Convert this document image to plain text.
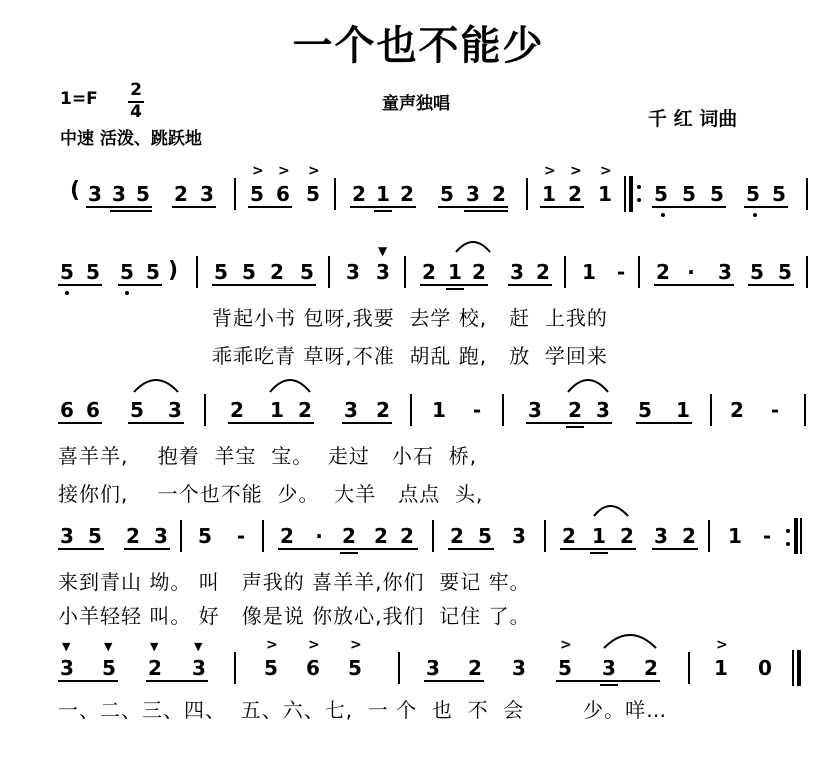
一个也不能少
1=F 2
4	童声独唱
中速 活泼、跳跃地
千 红 词曲
( 3 3 5 2 3 5 6 5 2 1 2 5 3 2 1 2 1 5 5 5 5 5
> > >	> > >
5 5 5 5 ) 5 5 2 5 3 3 2 1 2 3 2 1 - 2 · 3 5 5
▼
背起小书 包呀,我要  去学 校,   赶  上我的
乖乖吃青 草呀,不准  胡乱 跑,   放  学回来
6 6 5 3 2 1 2 3 2 1 - 3 2 3 5 1 2 -
喜羊羊,    抱着  羊宝  宝。  走过   小石  桥,
接你们,    一个也不能  少。  大羊   点点  头,
3 5 2 3 5 - 2 · 2 2 2 2 5 3 2 1 2 3 2 1 -
来到青山 坳。 叫   声我的 喜羊羊,你们  要记 牢。
小羊轻轻 叫。 好   像是说 你放心,我们  记住 了。
3 5 2 3	5 6 5	3 2 3 5 3 2	1 0
▼	▼	▼	▼	> > >	>	>
一、二、三、四、  五、六、七,  一 个  也  不  会        少。咩…
